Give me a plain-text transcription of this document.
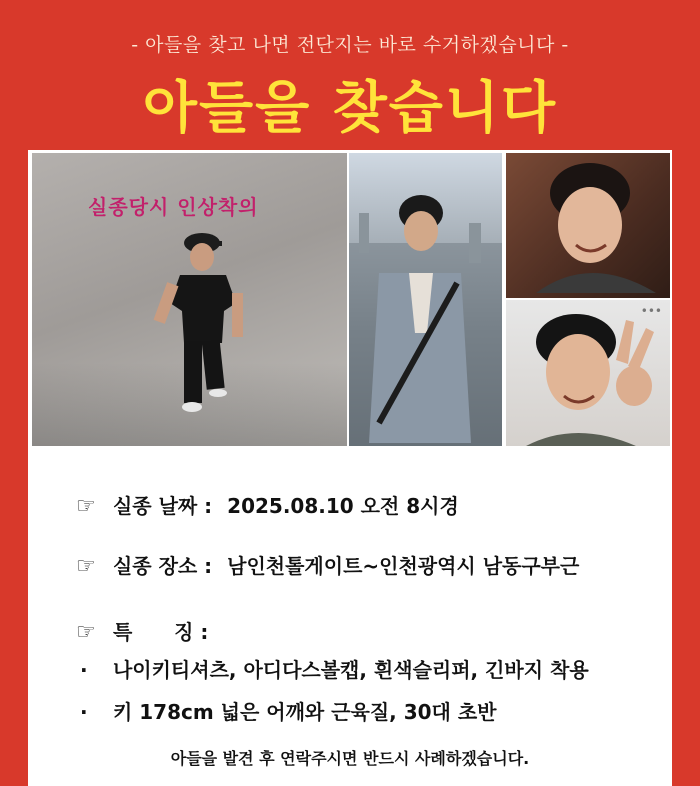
- 아들을 찾고 나면 전단지는 바로 수거하겠습니다 -
아들을 찾습니다
실종당시 인상착의
•••
☞ 실종 날짜 : 2025.08.10 오전 8시경
☞ 실종 장소 : 남인천톨게이트~인천광역시 남동구부근
☞ 특      징 :
· 나이키티셔츠, 아디다스볼캡, 흰색슬리퍼, 긴바지 착용
· 키 178cm 넓은 어깨와 근육질, 30대 초반
아들을 발견 후 연락주시면 반드시 사례하겠습니다.
